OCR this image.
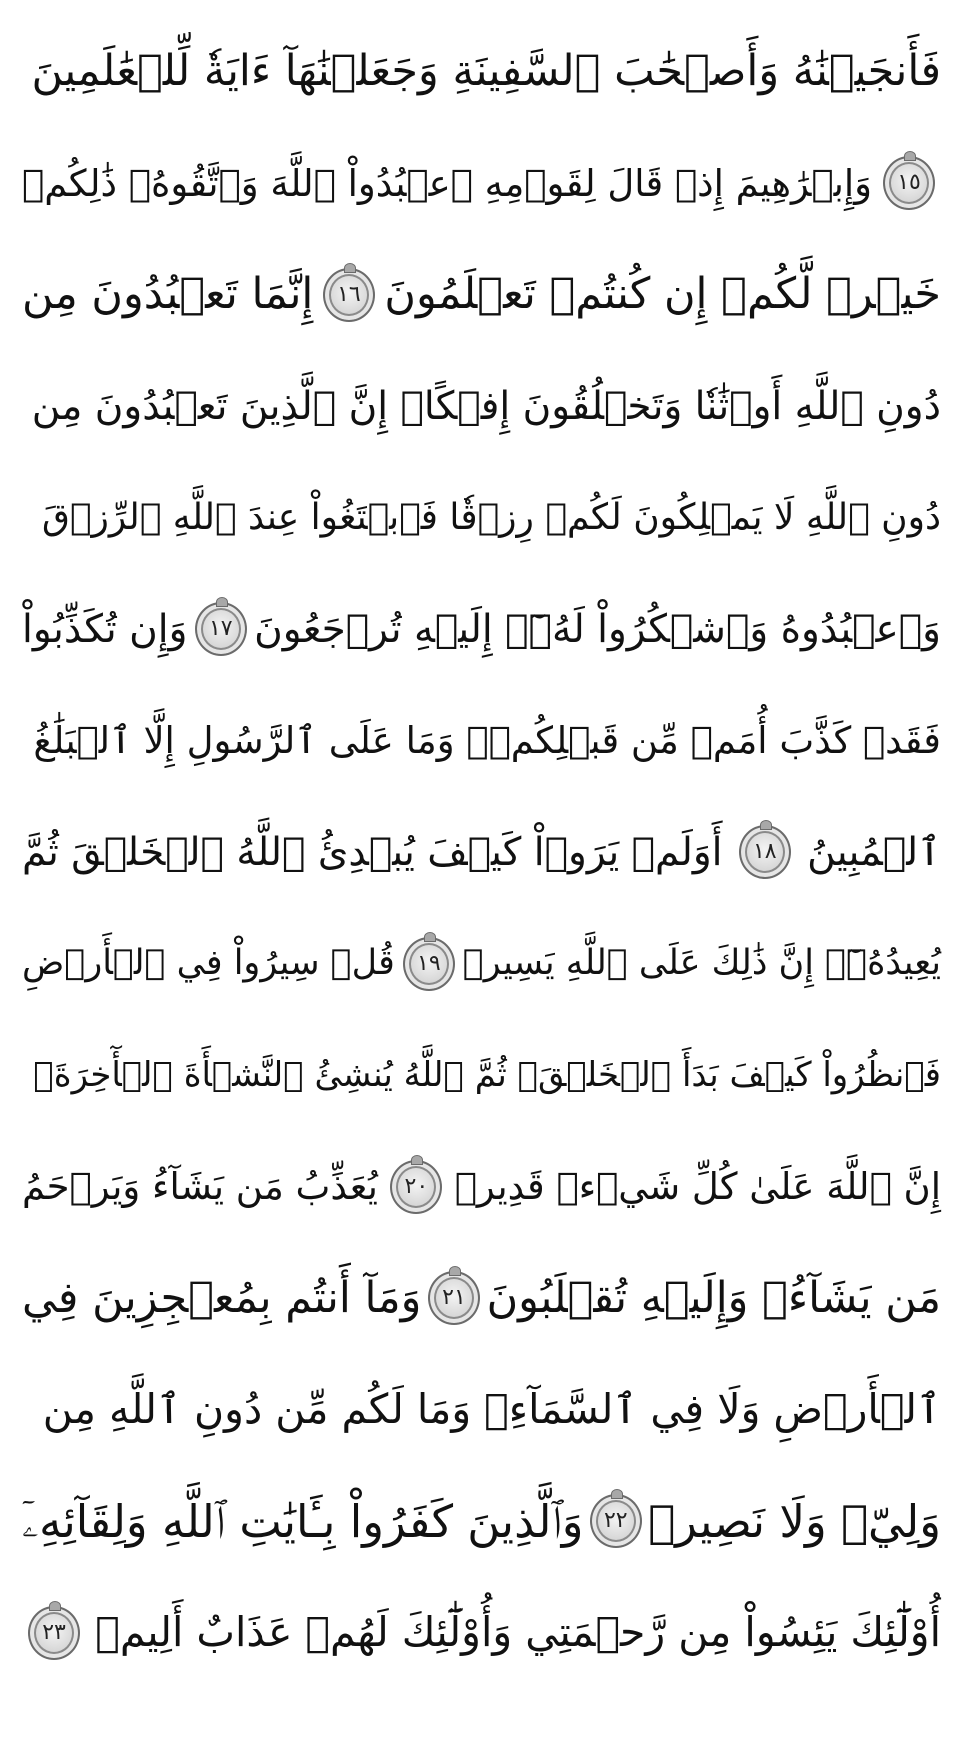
فَأَنجَيۡنَٰهُ وَأَصۡحَٰبَ ٱلسَّفِينَةِ وَجَعَلۡنَٰهَآ ءَايَةٗ لِّلۡعَٰلَمِينَ
١٥
وَإِبۡرَٰهِيمَ إِذۡ قَالَ لِقَوۡمِهِ ٱعۡبُدُواْ ٱللَّهَ وَٱتَّقُوهُۖ ذَٰلِكُمۡ
خَيۡرٞ لَّكُمۡ إِن كُنتُمۡ تَعۡلَمُونَ
١٦
إِنَّمَا تَعۡبُدُونَ مِن
دُونِ ٱللَّهِ أَوۡثَٰنٗا وَتَخۡلُقُونَ إِفۡكًاۚ إِنَّ ٱلَّذِينَ تَعۡبُدُونَ مِن
دُونِ ٱللَّهِ لَا يَمۡلِكُونَ لَكُمۡ رِزۡقٗا فَٱبۡتَغُواْ عِندَ ٱللَّهِ ٱلرِّزۡقَ
وَٱعۡبُدُوهُ وَٱشۡكُرُواْ لَهُۥٓۖ إِلَيۡهِ تُرۡجَعُونَ
١٧
وَإِن تُكَذِّبُواْ
فَقَدۡ كَذَّبَ أُمَمٞ مِّن قَبۡلِكُمۡۖ وَمَا عَلَى ٱلرَّسُولِ إِلَّا ٱلۡبَلَٰغُ
ٱلۡمُبِينُ
١٨
أَوَلَمۡ يَرَوۡاْ كَيۡفَ يُبۡدِئُ ٱللَّهُ ٱلۡخَلۡقَ ثُمَّ
يُعِيدُهُۥٓۚ إِنَّ ذَٰلِكَ عَلَى ٱللَّهِ يَسِيرٞ
١٩
قُلۡ سِيرُواْ فِي ٱلۡأَرۡضِ
فَٱنظُرُواْ كَيۡفَ بَدَأَ ٱلۡخَلۡقَۚ ثُمَّ ٱللَّهُ يُنشِئُ ٱلنَّشۡأَةَ ٱلۡأٓخِرَةَۚ
إِنَّ ٱللَّهَ عَلَىٰ كُلِّ شَيۡءٖ قَدِيرٞ
٢٠
يُعَذِّبُ مَن يَشَآءُ وَيَرۡحَمُ
مَن يَشَآءُۖ وَإِلَيۡهِ تُقۡلَبُونَ
٢١
وَمَآ أَنتُم بِمُعۡجِزِينَ فِي
ٱلۡأَرۡضِ وَلَا فِي ٱلسَّمَآءِۖ وَمَا لَكُم مِّن دُونِ ٱللَّهِ مِن
وَلِيّٖ وَلَا نَصِيرٖ
٢٢
وَٱلَّذِينَ كَفَرُواْ بِـَٔايَٰتِ ٱللَّهِ وَلِقَآئِهِۦٓ
أُوْلَٰٓئِكَ يَئِسُواْ مِن رَّحۡمَتِي وَأُوْلَٰٓئِكَ لَهُمۡ عَذَابٌ أَلِيمٞ
٢٣
